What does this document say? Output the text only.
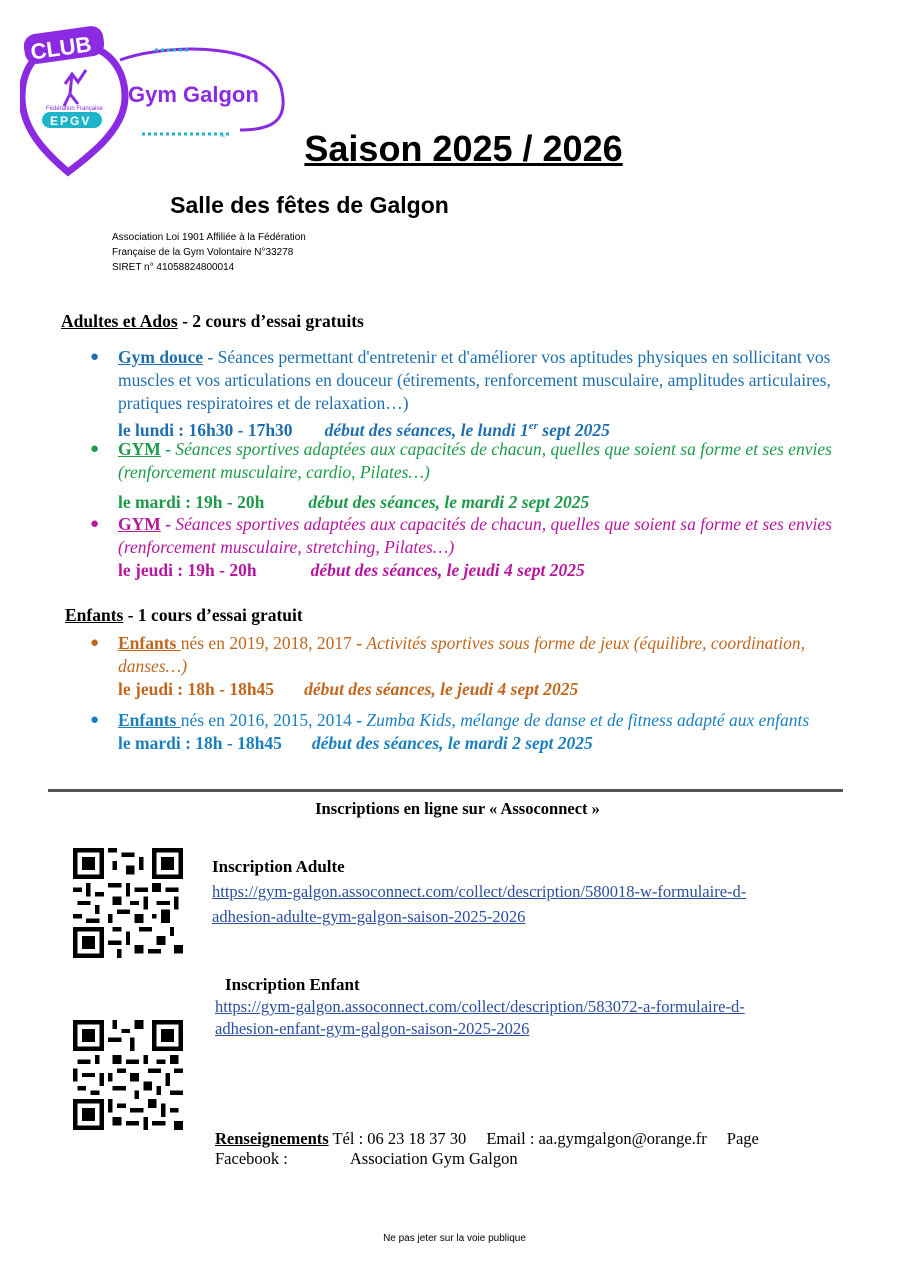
CLUB
Fédération Française
EPGV
Gym Galgon
×	Saison 2025 / 2026
Salle des fêtes de Galgon
Association Loi 1901 Affiliée à la Fédération
Française de la Gym Volontaire N°33278
SIRET n° 41058824800014
Adultes et Ados - 2 cours d’essai gratuits
● Gym douce - Séances permettant d'entretenir et d'améliorer vos aptitudes physiques en sollicitant vos muscles et vos articulations en douceur (étirements, renforcement musculaire, amplitudes articulaires, pratiques respiratoires et de relaxation…)
le lundi : 16h30 - 17h30 début des séances, le lundi 1er sept 2025
● GYM - Séances sportives adaptées aux capacités de chacun, quelles que soient sa forme et ses envies (renforcement musculaire, cardio, Pilates…)
le mardi : 19h - 20h	début des séances, le mardi 2 sept 2025
● GYM - Séances sportives adaptées aux capacités de chacun, quelles que soient sa forme et ses envies (renforcement musculaire, stretching, Pilates…)
le jeudi : 19h - 20h	début des séances, le jeudi 4 sept 2025
Enfants - 1 cours d’essai gratuit
● Enfants nés en 2019, 2018, 2017 - Activités sportives sous forme de jeux (équilibre, coordination, danses…)
le jeudi : 18h - 18h45 début des séances, le jeudi 4 sept 2025
● Enfants nés en 2016, 2015, 2014 - Zumba Kids, mélange de danse et de fitness adapté aux enfants
le mardi : 18h - 18h45 début des séances, le mardi 2 sept 2025
Inscriptions en ligne sur « Assoconnect »
Inscription Adulte
https://gym-galgon.assoconnect.com/collect/description/580018-w-formulaire-d-
adhesion-adulte-gym-galgon-saison-2025-2026
Inscription Enfant
https://gym-galgon.assoconnect.com/collect/description/583072-a-formulaire-d-
adhesion-enfant-gym-galgon-saison-2025-2026
Renseignements Tél : 06 23 18 37 30 Email : aa.gymgalgon@orange.fr Page
Facebook :	Association Gym Galgon
Ne pas jeter sur la voie publique
